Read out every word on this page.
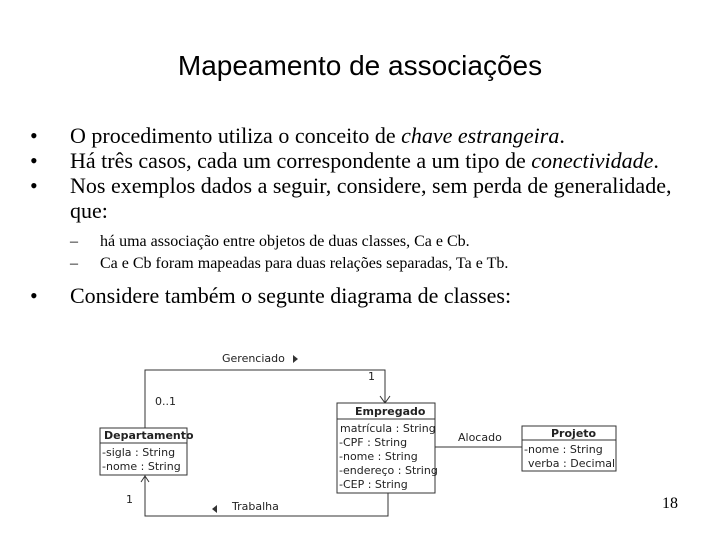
Mapeamento de associações
• O procedimento utiliza o conceito de chave estrangeira.
• Há três casos, cada um correspondente a um tipo de conectividade.
• Nos exemplos dados a seguir, considere, sem perda de generalidade, que:
– há uma associação entre objetos de duas classes, Ca e Cb.
– Ca e Cb foram mapeadas para duas relações separadas, Ta e Tb.
• Considere também o segunte diagrama de classes:
Gerenciado
1
0..1
Alocado
Trabalha
1
Departamento
-sigla : String
-nome : String
Empregado
matrícula : String
-CPF : String
-nome : String
-endereço : String
-CEP : String
Projeto
-nome : String
verba : Decimal
18
